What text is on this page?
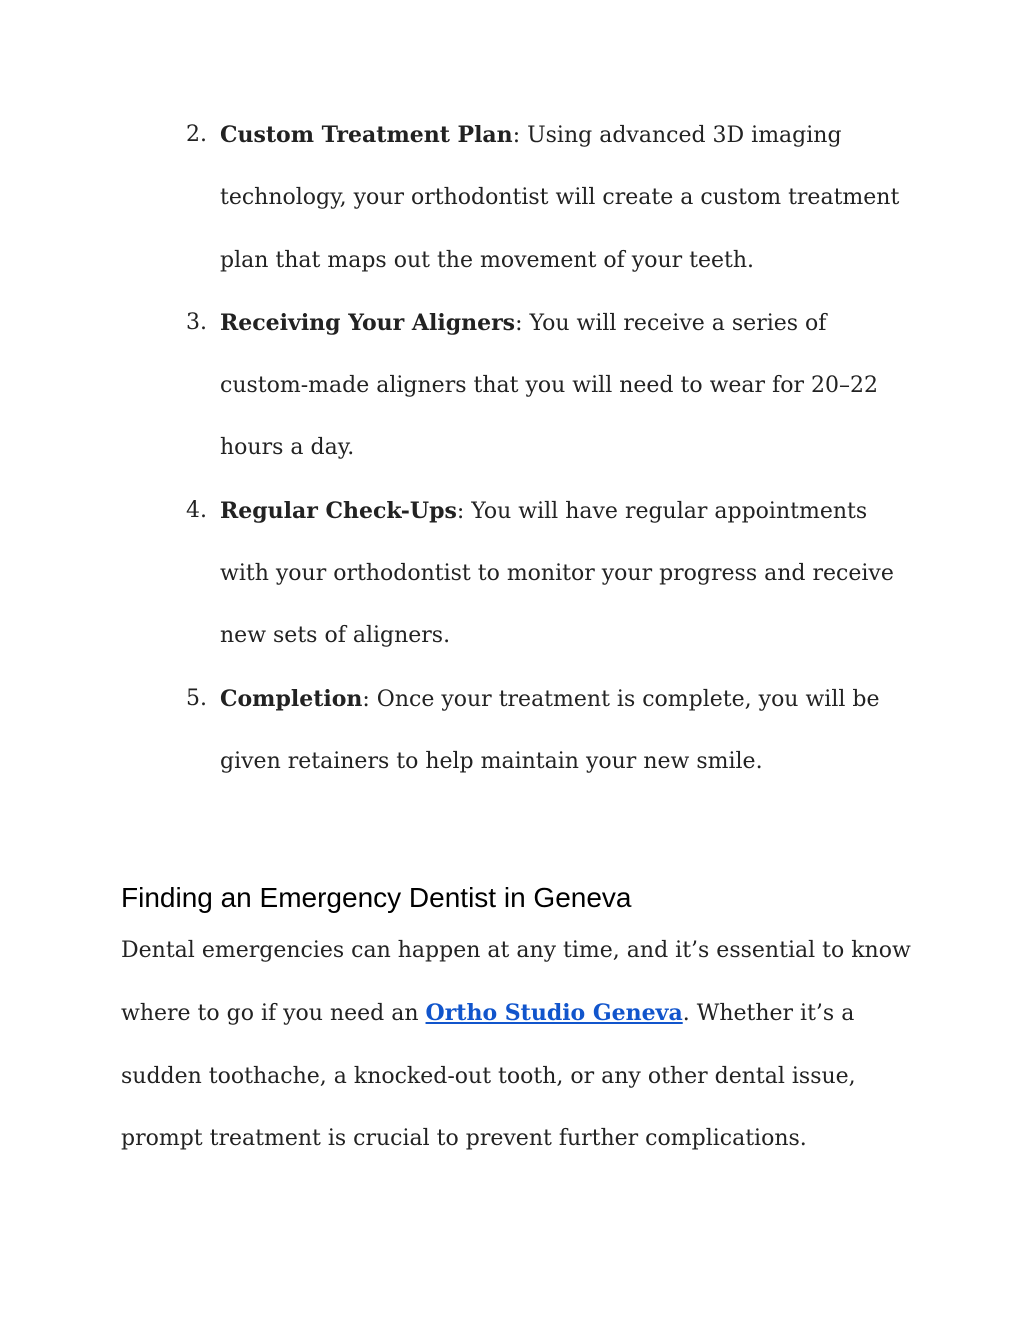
2. Custom Treatment Plan: Using advanced 3D imaging technology, your orthodontist will create a custom treatment plan that maps out the movement of your teeth.
3. Receiving Your Aligners: You will receive a series of custom-made aligners that you will need to wear for 20–22 hours a day.
4. Regular Check-Ups: You will have regular appointments with your orthodontist to monitor your progress and receive new sets of aligners.
5. Completion: Once your treatment is complete, you will be given retainers to help maintain your new smile.
Finding an Emergency Dentist in Geneva

Dental emergencies can happen at any time, and it’s essential to know where to go if you need an Ortho Studio Geneva. Whether it’s a sudden toothache, a knocked-out tooth, or any other dental issue, prompt treatment is crucial to prevent further complications.
